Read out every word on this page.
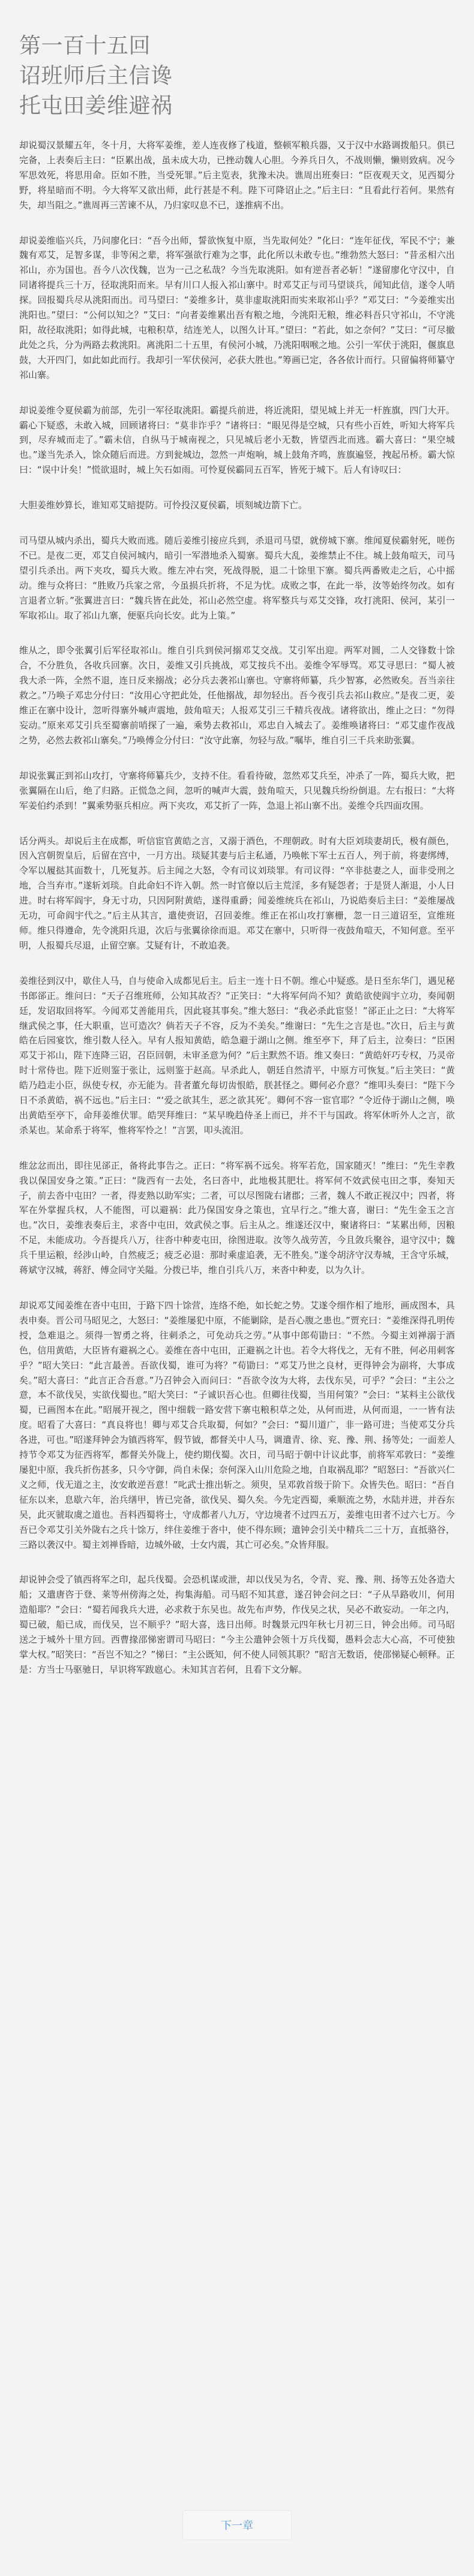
第一百十五回
诏班师后主信谗
托屯田姜维避祸

却说蜀汉景耀五年，冬十月，大将军姜维，差人连夜修了栈道，整顿军粮兵器，又于汉中水路调拨船只。俱已完备，上表奏后主曰：“臣累出战，虽未成大功，已挫动魏人心胆。今养兵日久，不战则懒，懒则致病。况今军思效死，将思用命。臣如不胜，当受死罪。”后主览表，犹豫未决。谯周出班奏曰：“臣夜观天文，见西蜀分野，将星暗而不明。今大将军又欲出师，此行甚是不利。陛下可降诏止之。”后主曰：“且看此行若何。果然有失，却当阻之。”谯周再三苦谏不从，乃归家叹息不已，遂推病不出。

却说姜维临兴兵，乃问廖化曰：“吾今出师，誓欲恢复中原，当先取何处？”化曰：“连年征伐，军民不宁；兼魏有邓艾，足智多谋，非等闲之辈，将军强欲行难为之事，此化所以未敢专也。”维勃然大怒曰：“昔丞相六出祁山，亦为国也。吾今八次伐魏，岂为一己之私哉？今当先取洮阳。如有逆吾者必斩！”遂留廖化守汉中，自同诸将提兵三十万，径取洮阳而来。早有川口人报入祁山寨中。时邓艾正与司马望谈兵，闻知此信，遂令人哨探。回报蜀兵尽从洮阳而出。司马望曰：“姜维多计，莫非虚取洮阳而实来取祁山乎？”邓艾曰：“今姜维实出洮阳也。”望曰：“公何以知之？”艾曰：“向者姜维累出吾有粮之地，今洮阳无粮，维必料吾只守祁山，不守洮阳，故径取洮阳；如得此城，屯粮积草，结连羌人，以图久计耳。”望曰：“若此，如之奈何？”艾曰：“可尽撤此处之兵，分为两路去救洮阳。离洮阳二十五里，有侯河小城，乃洮阳咽喉之地。公引一军伏于洮阳，偃旗息鼓，大开四门，如此如此而行。我却引一军伏侯河，必获大胜也。”筹画已定，各各依计而行。只留偏将师纂守祁山寨。

却说姜维令夏侯霸为前部，先引一军径取洮阳。霸提兵前进，将近洮阳，望见城上并无一杆旌旗，四门大开。霸心下疑惑，未敢入城，回顾诸将曰：“莫非诈乎？”诸将曰：“眼见得是空城，只有些小百姓，听知大将军兵到，尽弃城而走了。”霸未信，自纵马于城南视之，只见城后老小无数，皆望西北而逃。霸大喜曰：“果空城也。”遂当先杀入，馀众随后而进。方到瓮城边，忽然一声炮响，城上鼓角齐鸣，旌旗遍竖，拽起吊桥。霸大惊曰：“误中计矣！”慌欲退时，城上矢石如雨。可怜夏侯霸同五百军，皆死于城下。后人有诗叹曰：

大胆姜维妙算长，谁知邓艾暗提防。可怜投汉夏侯霸，顷刻城边箭下亡。

司马望从城内杀出，蜀兵大败而逃。随后姜维引接应兵到，杀退司马望，就傍城下寨。维闻夏侯霸射死，嗟伤不已。是夜二更，邓艾自侯河城内，暗引一军潜地杀入蜀寨。蜀兵大乱，姜维禁止不住。城上鼓角喧天，司马望引兵杀出。两下夹攻，蜀兵大败。维左冲右突，死战得脱，退二十馀里下寨。蜀兵两番败走之后，心中摇动。维与众将曰：“胜败乃兵家之常，今虽损兵折将，不足为忧。成败之事，在此一举，汝等始终勿改。如有言退者立斩。”张翼进言曰：“魏兵皆在此处，祁山必然空虚。将军整兵与邓艾交锋，攻打洮阳、侯河，某引一军取祁山。取了祁山九寨，便驱兵向长安。此为上策。”

维从之，即令张翼引后军径取祁山。维自引兵到侯河搦邓艾交战。艾引军出迎。两军对圆，二人交锋数十馀合，不分胜负，各收兵回寨。次日，姜维又引兵挑战，邓艾按兵不出。姜维令军辱骂。邓艾寻思曰：“蜀人被我大杀一阵，全然不退，连日反来搦战；必分兵去袭祁山寨也。守寨将师纂，兵少智寡，必然败矣。吾当亲往救之。”乃唤子邓忠分付曰：“汝用心守把此处，任他搦战，却勿轻出。吾今夜引兵去祁山救应。”是夜二更，姜维正在寨中设计，忽听得寨外喊声震地，鼓角喧天；人报邓艾引三千精兵夜战。诸将欲出，维止之曰：“勿得妄动。”原来邓艾引兵至蜀寨前哨探了一遍，乘势去救祁山，邓忠自入城去了。姜维唤诸将曰：“邓艾虚作夜战之势，必然去救祁山寨矣。”乃唤傅佥分付曰：“汝守此寨，勿轻与敌。”嘱毕，维自引三千兵来助张翼。

却说张翼正到祁山攻打，守寨将师纂兵少，支持不住。看看待破，忽然邓艾兵至，冲杀了一阵，蜀兵大败，把张翼隔在山后，绝了归路。正慌急之间，忽听的喊声大震，鼓角喧天，只见魏兵纷纷倒退。左右报曰：“大将军姜伯约杀到！”翼乘势驱兵相应。两下夹攻，邓艾折了一阵，急退上祁山寨不出。姜维令兵四面攻围。

话分两头。却说后主在成都，听信宦官黄皓之言，又溺于酒色，不理朝政。时有大臣刘琰妻胡氏，极有颜色，因入宫朝贺皇后，后留在宫中，一月方出。琰疑其妻与后主私通，乃唤帐下军士五百人，列于前，将妻绑缚，令军以履挞其面数十，几死复苏。后主闻之大怒，令有司议刘琰罪。有司议得：“卒非挞妻之人，面非受刑之地，合当弃市。”遂斩刘琰。自此命妇不许入朝。然一时官僚以后主荒淫，多有疑怨者；于是贤人渐退，小人日进。时右将军阎宇，身无寸功，只因阿附黄皓，遂得重爵；闻姜维统兵在祁山，乃说皓奏后主曰：“姜维屡战无功，可命阎宇代之。”后主从其言，遣使赍诏，召回姜维。维正在祁山攻打寨栅，忽一日三道诏至，宣维班师。维只得遵命，先令洮阳兵退，次后与张翼徐徐而退。邓艾在寨中，只听得一夜鼓角喧天，不知何意。至平明，人报蜀兵尽退，止留空寨。艾疑有计，不敢追袭。

姜维径到汉中，歇住人马，自与使命入成都见后主。后主一连十日不朝。维心中疑惑。是日至东华门，遇见秘书郎郤正。维问曰：“天子召维班师，公知其故否？”正笑曰：“大将军何尚不知？黄皓欲使阎宇立功，奏闻朝廷，发诏取回将军。今闻邓艾善能用兵，因此寝其事矣。”维大怒曰：“我必杀此宦竖！”郤正止之曰：“大将军继武侯之事，任大职重，岂可造次？倘若天子不容，反为不美矣。”维谢曰：“先生之言是也。”次日，后主与黄皓在后园宴饮，维引数人径入。早有人报知黄皓，皓急避于湖山之侧。维至亭下，拜了后主，泣奏曰：“臣困邓艾于祁山，陛下连降三诏，召臣回朝，未审圣意为何？”后主默然不语。维又奏曰：“黄皓奸巧专权，乃灵帝时十常侍也。陛下近则鉴于张让，远则鉴于赵高。早杀此人，朝廷自然清平，中原方可恢复。”后主笑曰：“黄皓乃趋走小臣，纵使专权，亦无能为。昔者董允每切齿恨皓，朕甚怪之。卿何必介意？”维叩头奏曰：“陛下今日不杀黄皓，祸不远也。”后主曰：“‘爱之欲其生，恶之欲其死’。卿何不容一宦官耶？”令近侍于湖山之侧，唤出黄皓至亭下，命拜姜维伏罪。皓哭拜维曰：“某早晚趋侍圣上而已，并不干与国政。将军休听外人之言，欲杀某也。某命系于将军，惟将军怜之！”言罢，叩头流泪。

维忿忿而出，即往见郤正，备将此事告之。正曰：“将军祸不远矣。将军若危，国家随灭！”维曰：“先生幸教我以保国安身之策。”正曰：“陇西有一去处，名曰沓中，此地极其肥壮。将军何不效武侯屯田之事，奏知天子，前去沓中屯田？一者，得麦熟以助军实；二者，可以尽图陇右诸郡；三者，魏人不敢正视汉中；四者，将军在外掌握兵权，人不能图，可以避祸：此乃保国安身之策也，宜早行之。”维大喜，谢曰：“先生金玉之言也。”次日，姜维表奏后主，求沓中屯田，效武侯之事。后主从之。维遂还汉中，聚诸将曰：“某累出师，因粮不足，未能成功。今吾提兵八万，往沓中种麦屯田，徐图进取。汝等久战劳苦，今且敛兵聚谷，退守汉中；魏兵千里运粮，经涉山岭，自然疲乏；疲乏必退：那时乘虚追袭，无不胜矣。”遂令胡济守汉寿城，王含守乐城，蒋斌守汉城，蒋舒、傅佥同守关隘。分拨已毕，维自引兵八万，来沓中种麦，以为久计。

却说邓艾闻姜维在沓中屯田，于路下四十馀营，连络不绝，如长蛇之势。艾遂令细作相了地形，画成图本，具表申奏。晋公司马昭见之，大怒曰：“姜维屡犯中原，不能剿除，是吾心腹之患也。”贾充曰：“姜维深得孔明传授，急难退之。须得一智勇之将，往刺杀之，可免动兵之劳。”从事中郎荀勖曰：“不然。今蜀主刘禅溺于酒色，信用黄皓，大臣皆有避祸之心。姜维在沓中屯田，正避祸之计也。若令大将伐之，无有不胜，何必用刺客乎？”昭大笑曰：“此言最善。吾欲伐蜀，谁可为将？”荀勖曰：“邓艾乃世之良材，更得钟会为副将，大事成矣。”昭大喜曰：“此言正合吾意。”乃召钟会入而问曰：“吾欲令汝为大将，去伐东吴，可乎？”会曰：“主公之意，本不欲伐吴，实欲伐蜀也。”昭大笑曰：“子诚识吾心也。但卿往伐蜀，当用何策？”会曰：“某料主公欲伐蜀，已画图本在此。”昭展开视之，图中细载一路安营下寨屯粮积草之处，从何而进，从何而退，一一皆有法度。昭看了大喜曰：“真良将也！卿与邓艾合兵取蜀，何如？”会曰：“蜀川道广，非一路可进；当使邓艾分兵各进，可也。”昭遂拜钟会为镇西将军，假节钺，都督关中人马，调遣青、徐、兖、豫、荆、扬等处；一面差人持节令邓艾为征西将军，都督关外陇上，使约期伐蜀。次日，司马昭于朝中计议此事，前将军邓敦曰：“姜维屡犯中原，我兵折伤甚多，只今守御，尚自未保；奈何深入山川危险之地，自取祸乱耶？”昭怒曰：“吾欲兴仁义之师，伐无道之主，汝安敢逆吾意！”叱武士推出斩之。须臾，呈邓敦首级于阶下。众皆失色。昭曰：“吾自征东以来，息歇六年，治兵缮甲，皆已完备，欲伐吴、蜀久矣。今先定西蜀，乘顺流之势，水陆并进，并吞东吴，此灭虢取虞之道也。吾料西蜀将士，守成都者八九万，守边境者不过四五万，姜维屯田者不过六七万。今吾已令邓艾引关外陇右之兵十馀万，绊住姜维于沓中，使不得东顾；遣钟会引关中精兵二三十万，直抵骆谷，三路以袭汉中。蜀主刘禅昏暗，边城外破，士女内震，其亡可必矣。”众皆拜服。

却说钟会受了镇西将军之印，起兵伐蜀。会恐机谋或泄，却以伐吴为名，令青、兖、豫、荆、扬等五处各造大船；又遣唐咨于登、莱等州傍海之处，拘集海船。司马昭不知其意，遂召钟会问之曰：“子从旱路收川，何用造船耶？”会曰：“蜀若闻我兵大进，必求救于东吴也。故先布声势，作伐吴之状，吴必不敢妄动。一年之内，蜀已破，船已成，而伐吴，岂不顺乎？”昭大喜，选日出师。时魏景元四年秋七月初三日，钟会出师。司马昭送之于城外十里方回。西曹掾邵悌密谓司马昭曰：“今主公遣钟会领十万兵伐蜀，愚料会志大心高，不可使独掌大权。”昭笑曰：“吾岂不知之？”悌曰：“主公既知，何不使人同领其职？”昭言无数语，使邵悌疑心顿释。正是：方当士马驱驰日，早识将军跋扈心。未知其言若何，且看下文分解。

下一章
